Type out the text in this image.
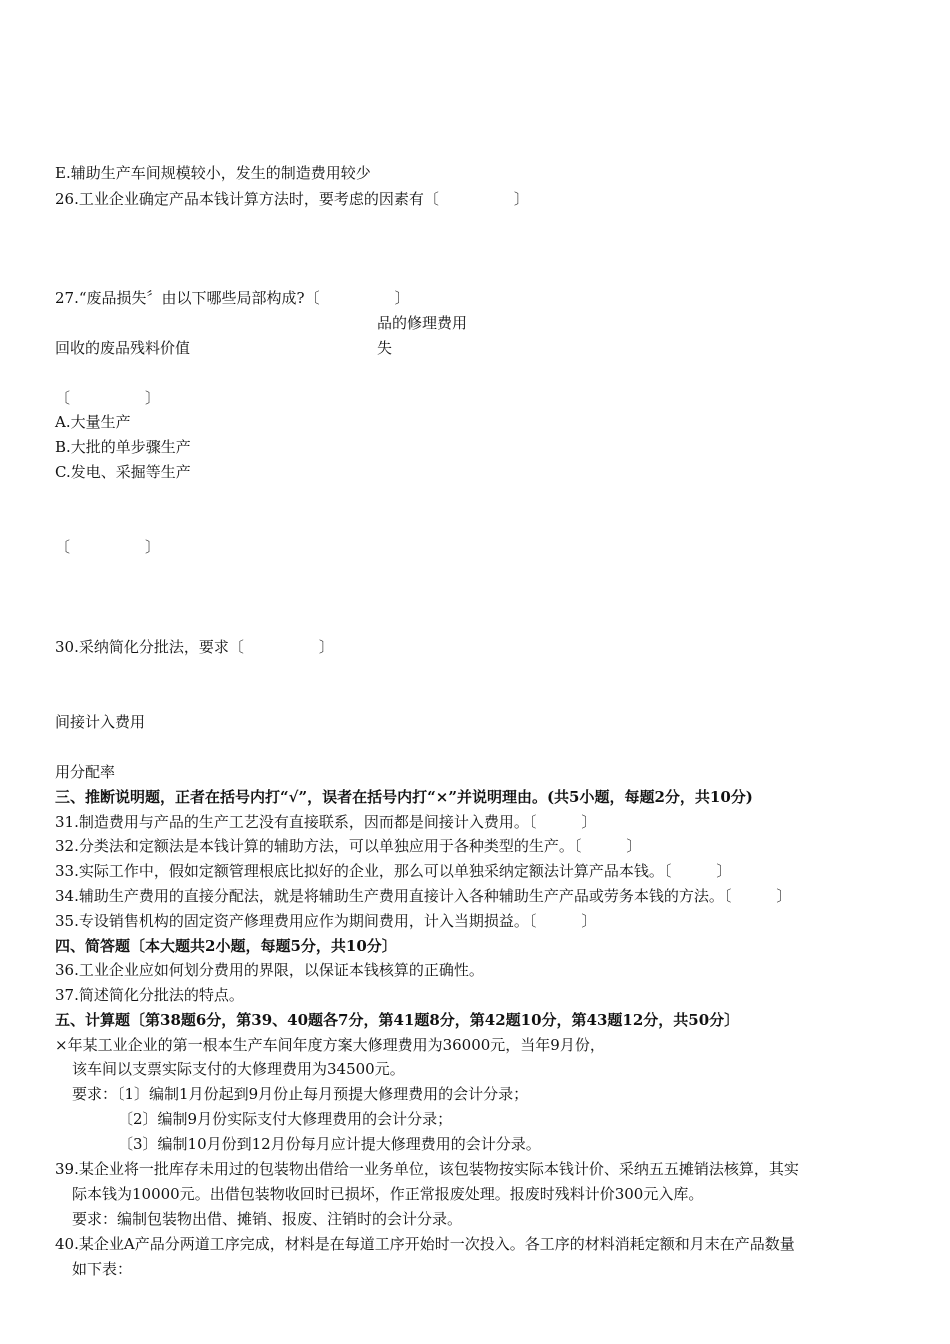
E.辅助生产车间规模较小，发生的制造费用较少
26.工业企业确定产品本钱计算方法时，要考虑的因素有〔　　　　　〕
27.“废品损失〞由以下哪些局部构成?〔　　　　　〕
品的修理费用
回收的废品残料价值	失
〔　　　　　〕
A.大量生产
B.大批的单步骤生产
C.发电、采掘等生产
〔　　　　　〕
30.采纳简化分批法，要求〔　　　　　〕
间接计入费用
用分配率
三、推断说明题，正者在括号内打“√”，误者在括号内打“×”并说明理由。(共5小题，每题2分，共10分)
31.制造费用与产品的生产工艺没有直接联系，因而都是间接计入费用。〔　　　〕
32.分类法和定额法是本钱计算的辅助方法，可以单独应用于各种类型的生产。〔　　　〕
33.实际工作中，假如定额管理根底比拟好的企业，那么可以单独采纳定额法计算产品本钱。〔　　　〕
34.辅助生产费用的直接分配法，就是将辅助生产费用直接计入各种辅助生产产品或劳务本钱的方法。〔　　　〕
35.专设销售机构的固定资产修理费用应作为期间费用，计入当期损益。〔　　　〕
四、简答题〔本大题共2小题，每题5分，共10分〕
36.工业企业应如何划分费用的界限，以保证本钱核算的正确性。
37.简述简化分批法的特点。
五、计算题〔第38题6分，第39、40题各7分，第41题8分，第42题10分，第43题12分，共50分〕
×年某工业企业的第一根本生产车间年度方案大修理费用为36000元，当年9月份，
该车间以支票实际支付的大修理费用为34500元。
要求：〔1〕编制1月份起到9月份止每月预提大修理费用的会计分录；
〔2〕编制9月份实际支付大修理费用的会计分录；
〔3〕编制10月份到12月份每月应计提大修理费用的会计分录。
39.某企业将一批库存未用过的包装物出借给一业务单位，该包装物按实际本钱计价、采纳五五摊销法核算，其实
际本钱为10000元。出借包装物收回时已损坏，作正常报废处理。报废时残料计价300元入库。
要求：编制包装物出借、摊销、报废、注销时的会计分录。
40.某企业A产品分两道工序完成，材料是在每道工序开始时一次投入。各工序的材料消耗定额和月末在产品数量
如下表：
